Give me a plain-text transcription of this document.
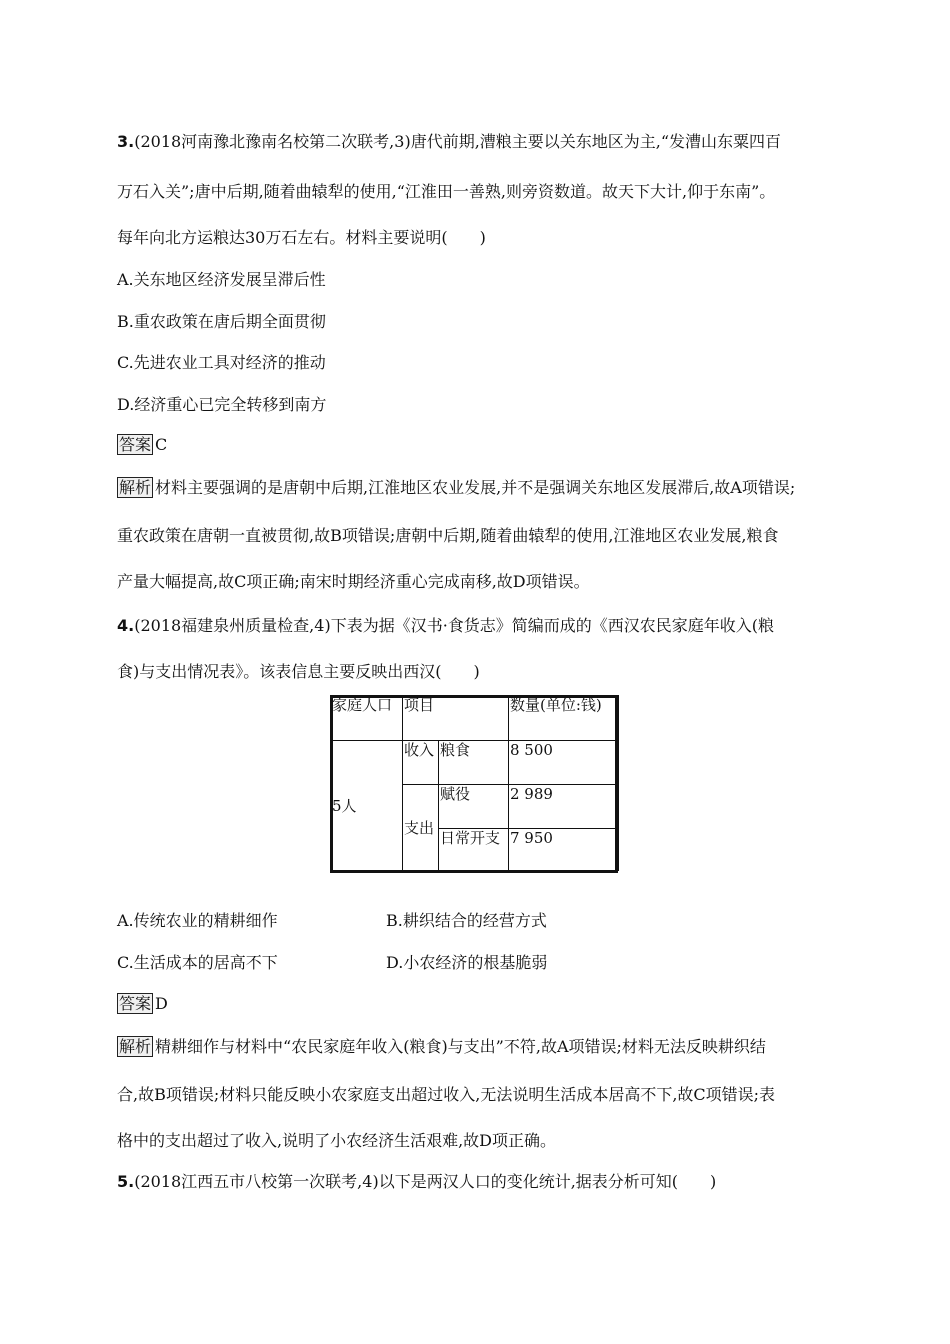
3.(2018河南豫北豫南名校第二次联考,3)唐代前期,漕粮主要以关东地区为主,“发漕山东粟四百
万石入关”;唐中后期,随着曲辕犁的使用,“江淮田一善熟,则旁资数道。故天下大计,仰于东南”。
每年向北方运粮达30万石左右。材料主要说明(　　)
A.关东地区经济发展呈滞后性
B.重农政策在唐后期全面贯彻
C.先进农业工具对经济的推动
D.经济重心已完全转移到南方
答案 C
解析 材料主要强调的是唐朝中后期,江淮地区农业发展,并不是强调关东地区发展滞后,故A项错误;
重农政策在唐朝一直被贯彻,故B项错误;唐朝中后期,随着曲辕犁的使用,江淮地区农业发展,粮食
产量大幅提高,故C项正确;南宋时期经济重心完成南移,故D项错误。
4.(2018福建泉州质量检查,4)下表为据《汉书·食货志》简编而成的《西汉农民家庭年收入(粮
食)与支出情况表》。该表信息主要反映出西汉(　　)
家庭人口	项目		数量(单位:钱)
5人	收入	粮食	8 500
	支出	赋役	2 989
		日常开支	7 950
A.传统农业的精耕细作	B.耕织结合的经营方式
C.生活成本的居高不下	D.小农经济的根基脆弱
答案 D
解析 精耕细作与材料中“农民家庭年收入(粮食)与支出”不符,故A项错误;材料无法反映耕织结
合,故B项错误;材料只能反映小农家庭支出超过收入,无法说明生活成本居高不下,故C项错误;表
格中的支出超过了收入,说明了小农经济生活艰难,故D项正确。
5.(2018江西五市八校第一次联考,4)以下是两汉人口的变化统计,据表分析可知(　　)
